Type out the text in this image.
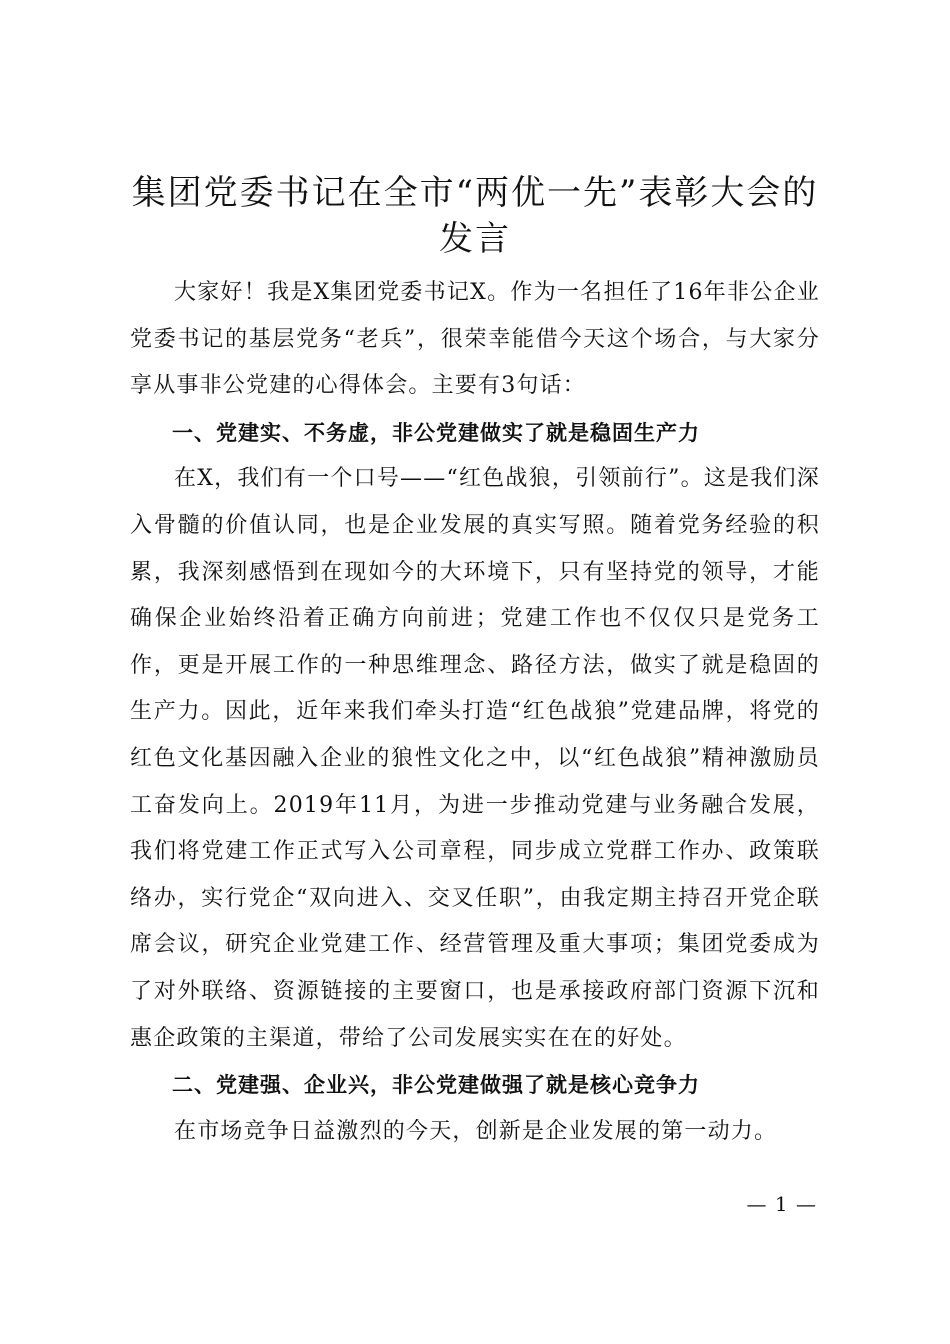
集团党委书记在全市“两优一先”表彰大会的
发言

大家好！我是X集团党委书记X。作为一名担任了16年非公企业党委书记的基层党务“老兵”，很荣幸能借今天这个场合，与大家分享从事非公党建的心得体会。主要有3句话：

一、党建实、不务虚，非公党建做实了就是稳固生产力

在X，我们有一个口号——“红色战狼，引领前行”。这是我们深入骨髓的价值认同，也是企业发展的真实写照。随着党务经验的积累，我深刻感悟到在现如今的大环境下，只有坚持党的领导，才能确保企业始终沿着正确方向前进；党建工作也不仅仅只是党务工作，更是开展工作的一种思维理念、路径方法，做实了就是稳固的生产力。因此，近年来我们牵头打造“红色战狼”党建品牌，将党的红色文化基因融入企业的狼性文化之中，以“红色战狼”精神激励员工奋发向上。2019年11月，为进一步推动党建与业务融合发展，我们将党建工作正式写入公司章程，同步成立党群工作办、政策联络办，实行党企“双向进入、交叉任职”，由我定期主持召开党企联席会议，研究企业党建工作、经营管理及重大事项；集团党委成为了对外联络、资源链接的主要窗口，也是承接政府部门资源下沉和惠企政策的主渠道，带给了公司发展实实在在的好处。

二、党建强、企业兴，非公党建做强了就是核心竞争力

在市场竞争日益激烈的今天，创新是企业发展的第一动力。

— 1 —
